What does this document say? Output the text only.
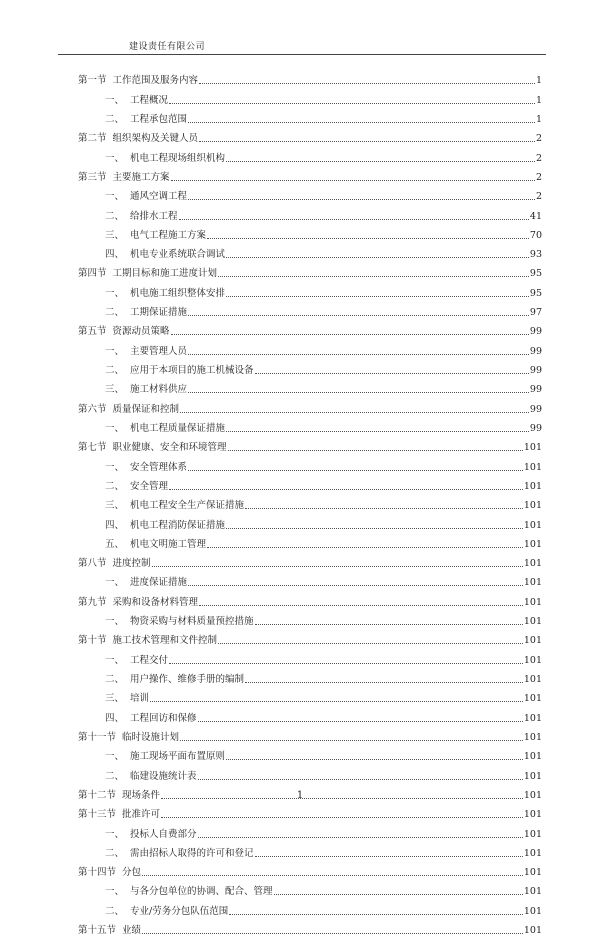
建设责任有限公司
第一节 工作范围及服务内容	1
一、 工程概况	1
二、 工程承包范围	1
第二节 组织架构及关键人员	2
一、 机电工程现场组织机构	2
第三节 主要施工方案	2
一、 通风空调工程	2
二、 给排水工程	41
三、 电气工程施工方案	70
四、 机电专业系统联合调试	93
第四节 工期目标和施工进度计划	95
一、 机电施工组织整体安排	95
二、 工期保证措施	97
第五节 资源动员策略	99
一、 主要管理人员	99
二、 应用于本项目的施工机械设备	99
三、 施工材料供应	99
第六节 质量保证和控制	99
一、 机电工程质量保证措施	99
第七节 职业健康、安全和环境管理	101
一、 安全管理体系	101
二、 安全管理	101
三、 机电工程安全生产保证措施	101
四、 机电工程消防保证措施	101
五、 机电文明施工管理	101
第八节 进度控制	101
一、 进度保证措施	101
第九节 采购和设备材料管理	101
一、 物资采购与材料质量预控措施	101
第十节 施工技术管理和文件控制	101
一、 工程交付	101
二、 用户操作、维修手册的编制	101
三、 培训	101
四、 工程回访和保修	101
第十一节 临时设施计划	101
一、 施工现场平面布置原则	101
二、 临建设施统计表	101
第十二节 现场条件	101
第十三节 批准许可	101
一、 投标人自费部分	101
二、 需由招标人取得的许可和登记	101
第十四节 分包	101
一、 与各分包单位的协调、配合、管理	101
二、 专业/劳务分包队伍范围	101
第十五节 业绩	101
1
